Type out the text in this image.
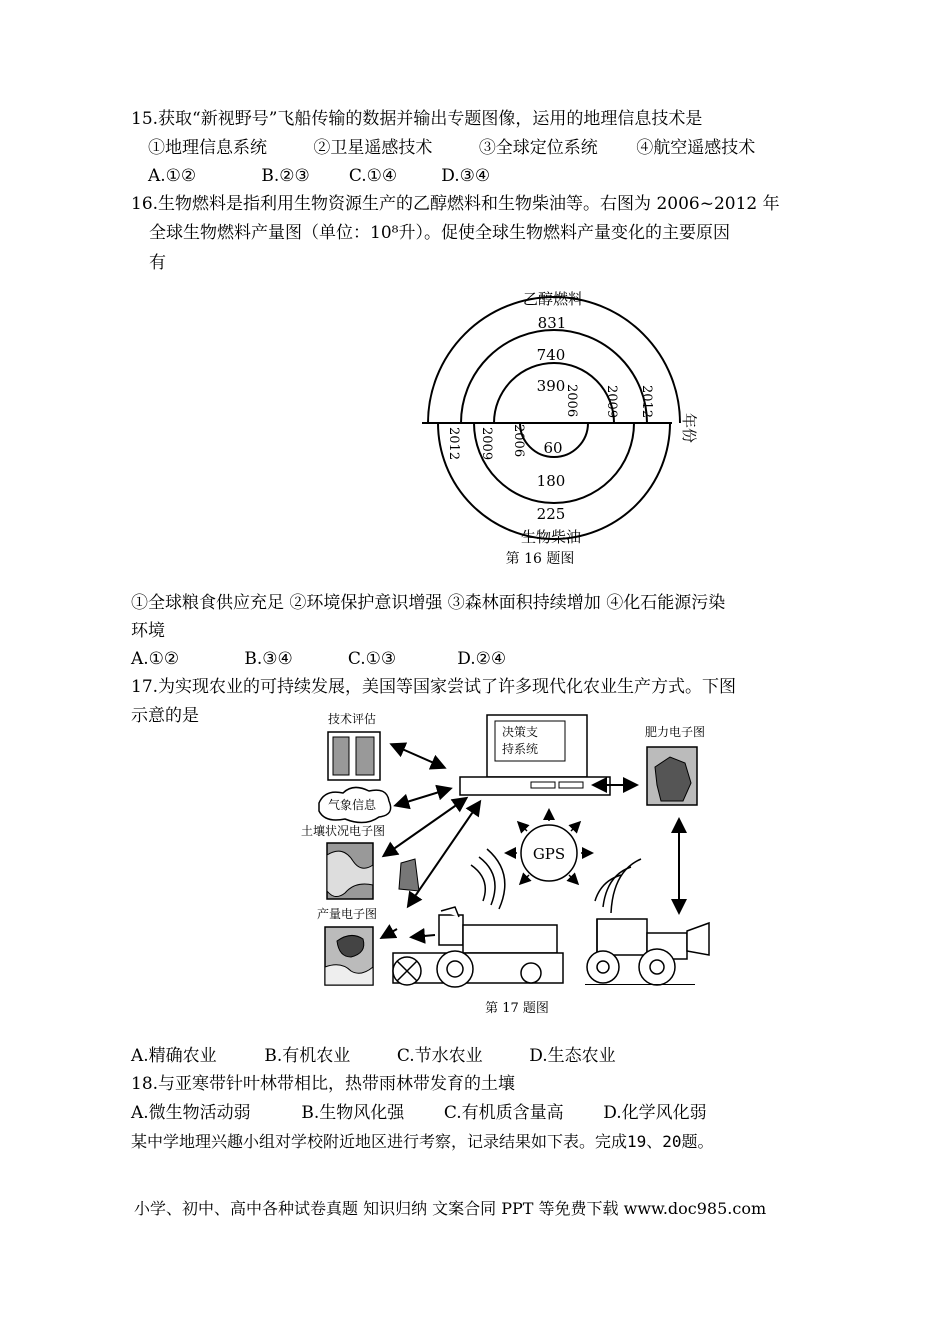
15.获取“新视野号”飞船传输的数据并输出专题图像，运用的地理信息技术是
①地理信息系统	②卫星遥感技术	③全球定位系统 ④航空遥感技术
A.①②	B.②③ C.①④	D.③④
16.生物燃料是指利用生物资源生产的乙醇燃料和生物柴油等。右图为 2006~2012 年
全球生物燃料产量图（单位：10⁸升）。促使全球生物燃料产量变化的主要原因
有
年份
乙醇燃料
831
740
390
2006 2009 2012
2012 2009 2006 60
180
225
生物柴油
第 16 题图
①全球粮食供应充足 ②环境保护意识增强 ③森林面积持续增加 ④化石能源污染
环境
A.①②	B.③④	C.①③	D.②④
17.为实现农业的可持续发展，美国等国家尝试了许多现代化农业生产方式。下图
示意的是	技术评估
决策支
持系统
肥力电子图
气象信息
土壤状况电子图
产量电子图
GPS
第 17 题图
A.精确农业	B.有机农业	C.节水农业	D.生态农业
18.与亚寒带针叶林带相比，热带雨林带发育的土壤
A.微生物活动弱	B.生物风化强 C.有机质含量高 D.化学风化弱
某中学地理兴趣小组对学校附近地区进行考察，记录结果如下表。完成19、20题。
小学、初中、高中各种试卷真题 知识归纳 文案合同 PPT 等免费下载 www.doc985.com
